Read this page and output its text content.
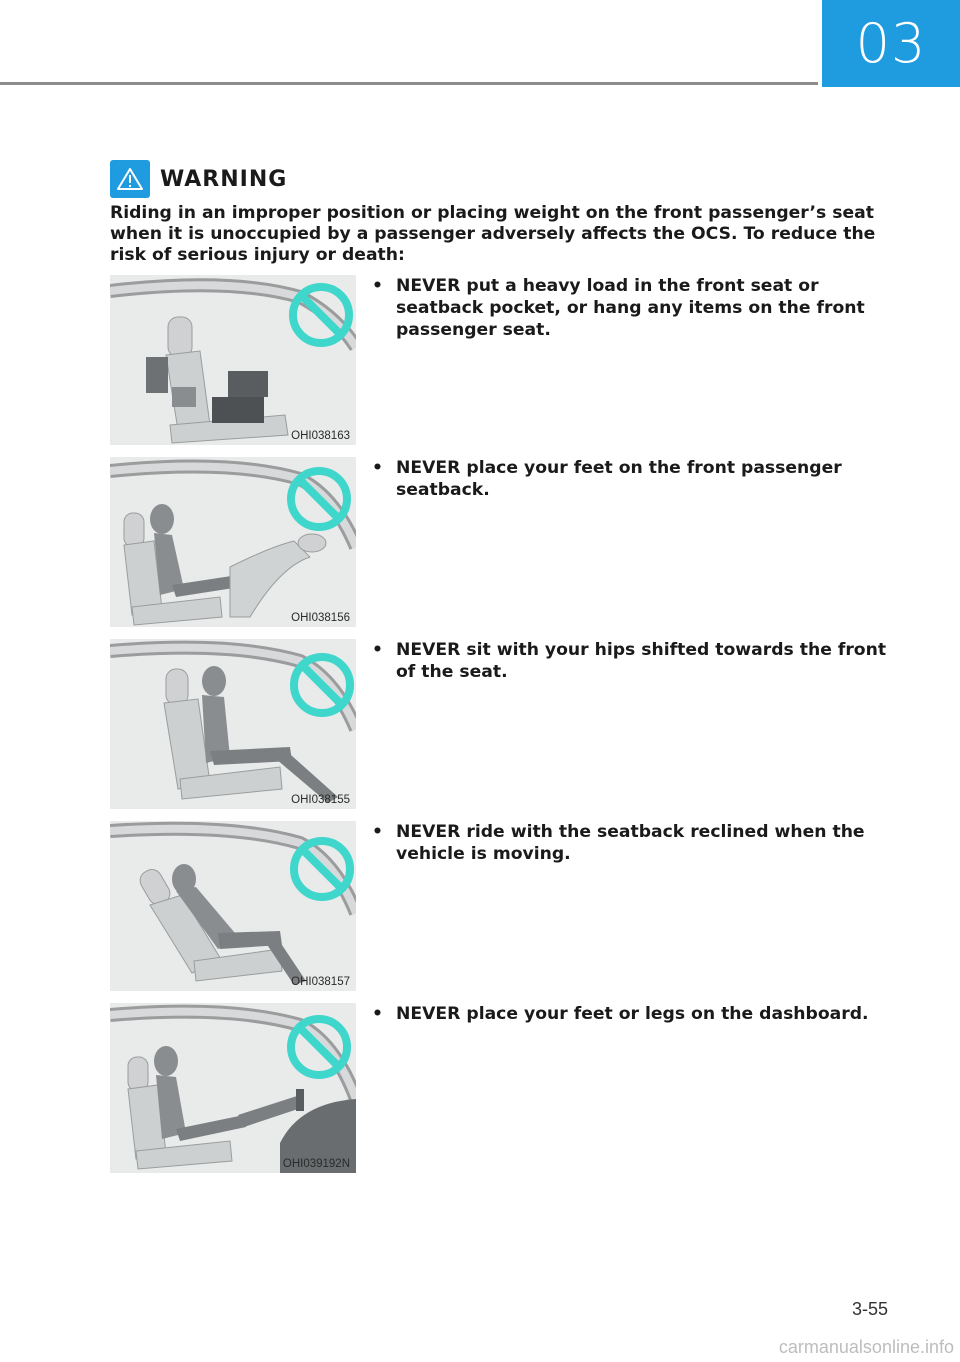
03
WARNING
Riding in an improper position or placing weight on the front passenger’s seat when it is unoccupied by a passenger adversely affects the OCS. To reduce the risk of serious injury or death:
OHI038163
• NEVER put a heavy load in the front seat or seatback pocket, or hang any items on the front passenger seat.
OHI038156
• NEVER place your feet on the front passenger seatback.
OHI038155
• NEVER sit with your hips shifted towards the front of the seat.
OHI038157
• NEVER ride with the seatback reclined when the vehicle is moving.
OHI039192N
• NEVER place your feet or legs on the dashboard.
3-55
carmanualsonline.info
